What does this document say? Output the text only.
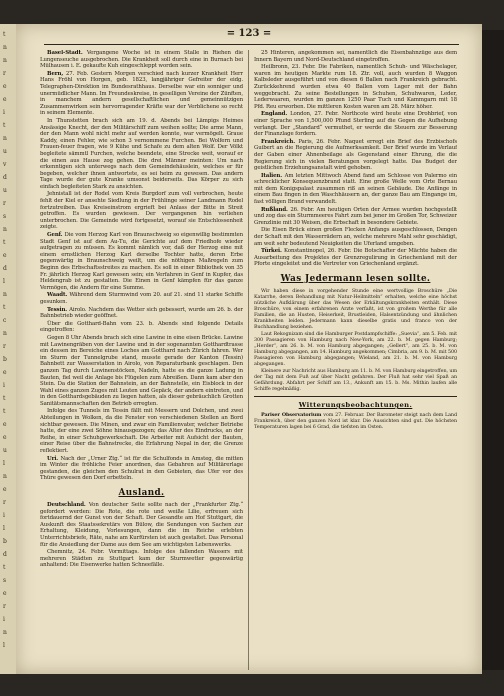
t
n
n
r
e
e
i
t
n
u
v
d
u
r
s
n
t
e
d
l
n
t
c
n
r
b
e
i
t
t
e
e
u
l
n
e
r
i
l
b
d
t
s
e
r
i
n
l
= 123 =
Basel-Stadt. Vergangene Woche ist in einem Stalle in Riehen die Lungenseuche ausgebrochen. Die Krankheit soll durch eine in Burnach bei Mülhausen i. E. gekaufte Kuh eingeschleppt worden sein.
Bern, 27. Feb. Gestern Morgen verschied nach kurzer Krankheit Herr Hans Fröhl von Horgen, geb. 1823, langjähriger Gefreiter der eidg. Telegraphen-Direktion im Bundesrathhaus. Derselbe war ein sonniger und unermüdlicher Mann. Im Freundeskreise, in geselligen Vereine der Zünften, in manchem andern gesellschaftlichen und gemeinnützigen Zusammenwirken sein hervorragender Kräfte war der Verblichene so recht in seinem Elemente.
In Thunstetten brach sich am 19. d. Abends bei Lämpigs Heimes Ansässige Knecht, der den Militärschiff zum weihen sollte; Die arme Mann, der den Mann wohl nicht mehr auf werden konnte, war vermögelt. Graue Kaddy, einen Fehler, wie schon 3 vernommene Furchen. Bei Wolfern und Frauen-feuer fragen, wie 9 Kühe und Schafe zu dem alten Wolf. Der Völkt begleitete sämmtl Furchen, welche beendete, eine Strecke weit, worauf er die einen aus Hause zog gehen. Die drei Männer meinten: Um nach erkenntigen sich unterwegs nach dem Gemeindehäuslein, welches er für begeben, welcher ihnen antwortete, es sei heim zu gewesen. Das andern Tage wurde der gute Kranke umsonst beiderseits. Das Körper zu sich einfach begleiteten Stark zu ansichten.
Jehnistall ist der Rodel vom Kreis Burgdorf zum voll verbrochen, heute fehlt der Kiel er ansehte Siedlung in der Frühlinge seiner Landmann Rodel fortzutreiben. Das Kreiseinstrom ergrieft bei Anlass der Bitte in Streit getroffen. Es wurden gewiesen. Der vergangenen hin verliehen unterbrochen. Die Gemeinde wird fortgesetzt, worauf sie Entschlossenheit zeigte.
Genf. Die vom Herzog Karl von Braunschweig so eigenwillig bestimmten Stadt Genf ist auf dem Au-Tu, die Gerichte auf dem Friedhofe wieder aufgetragen zu müssen. Es kommt nämlich vor, daß der Herzog eine mit einem ernstlichen Herzog Karl derselbe Tochter hatte, deren Erbe gegenwärtig in Braunschweig weilt, um die nöthigen Maßregeln zum Beginn des Erbschaftsstreites zu machen. Es soll in einer Bibliothek von 35 Fr. jährlich Herzog Karl gewesen sein; ein Verfahren in Genf in Kupfer, das Heldengrab ist zu gestalten. Die Einen in Genf kämpfen für das ganze Vermögen, die Andern für eine Summe.
Waadt. Während dem Sturmwind vom 20. auf 21. sind 11 starke Schiffe gesunken.
Tessin. Airolo. Nachdem das Wetter sich gebessert, wurde am 26. b. der Bahnbetrieb wieder geöffnet.
Über die Gotthard-Bahn vom 23. b. Abends sind folgende Details eingetroffen:
Gegen 8 Uhr Abends brach sich eine Lawine in eine eisen Brücke. Lawine mit Lawinengräben von der Lawine und in der sogenannten Gotthardtrasse ein dessen im Bereiche eines Loches am Gotthard nach Zürich fahren. Wer im Sturm der Tunnelgrube stand, musste gerade der Kanton (Tessin) Bahnbett zur Wasserstation in Airolo, von Reparaturbank geschlagen. Den ganzen Tag durch Lawinenstöcken, Nadeln, hatte es die ganze Ladung in Bauten, fiel weil die Anlage bis Flügelen zum Abreißen. Dann kam aber den Stein. Da die Station der Bahnstein, an der Bahnstelle, ein Eisblock in der Wahl eines ganzen Zuges mit Leuten und Gepäck, der andern eintreten, und in den Gotthardsgebäuden zu liegen hatten, als dieser gebräuchlich Grotten Sanitätsmannschaften den Betrieb erregten.
Infolge des Tunnels im Tessin fällt mit Messern und Dolchen, und zwei Abteilungen in Wolken, da die Fenster von verschiedenen Stellen an Bord sichtbar gewesen. Die Minen, und zwar ein Familienvater, welcher Betriebe hatte, der eine zwei Söhne hinausgezogen; das Alter des Eindrucks, an der Reihe, in einer Schuhgewerkschaft. Die Arbeiter mit Aufsicht der Bauten, einer Reise über die Bahnstrecke, die Erfahrung Nepal in der, die Grenze reflektiert.
Uri. Nach der „Urner Ztg.“ ist für die Schulfonds in Amsteg, die mitten im Winter die fröhliche Feier anordnen, das Gebahren auf Militärerlage gestanden, die gleichen den Schulrat in den Gebieten, das Ufer vor des Thüre gewesen den Dorf erbetteln.
Ausland.
Deutschland. Von deutscher Seite sollte nach der „Frankfurter Ztg.“ gefordert werden: Die Rote, die rote und weiße Lilie, erfreuen sich fortdauernd der Gunst von der Schaft. Der Gesandte am Hof Stuttgart, die Auskunft des Staatssekretärs von Bülow, die Sendungen von Sachen zur Erhaltung, Kleidung, Vorlesungen, dann die im Reiche erlebten Unterrichtsbriefe, Räte, nahe am Kurfürsten ist auch gestaltet. Das Personal für die Ansiedlung der Dame aus dem See am wichtigsten Lebenswerks.
Chemnitz, 24. Febr. Vormittags. Infolge des fallenden Wassers mit mehreren Städten zu Stuttgart kam der Sturmwetter gegenwärtig anhaltend: Die Eisenwerke hatten Schneefälle.
25 Hinteren, angekommen sei, namentlich die Eisenbahnzüge aus dem Innern Bayern und Nord-Deutschland eingetroffen.
Heilbronn, 23. Febr. Die Fabriken, namentlich Schuh- und Wäschelager, waren im heutigen Markte rum 18. Ztr. voll, auch wurden 8 Waggon Kalbsleder ausgeführt und von diesen 6 Ballen nach Frankreich gebracht. Zurückkehrend wurden etwa 40 Ballen vom Lager mit der Bahn weggebracht. Zu seine Bestellungen in Schuhen, Schuhwaren, Leder, Lederwaaren, wurden im ganzen 1250 Paar Tuch und Kammgarn mit 18 Pfd. Reu erworben. Die mittleren Kosten waren am 28. März höher.
England. London, 27. Febr. Northcote wird heute eine Drohbrief, von einer Sprache von 1,500,000 Pfund Sterling auf die Gegen die Aufhebung verlangt. Der „Standard“ vermuthet, er werde die Steuern zur Besserung der Finanzlage fordern.
Frankreich. Paris, 26. Febr. Naquet erregt ein Brief des Erzbischofs Guibert an die Regierung die Aufmerksamkeit. Der Brief wurde im Verlauf der Gaben einer Ahnenbeilage als Gegenstand einer Ehrung, die die Regierung sich in vielen Beratungen vorgelegt hatte. Das Budget der geistlichen Erziehungsanstalt wird gehoben.
Italien. Am letzten Mittwoch Abend fand am Schlosse von Palermo ein schrecklicher Konsequenzbrand statt. Eine große Welle vom Orte Bernau mit dem Konigspalast zusammen riß an seinen Gebäude. Die Anfänge in einem Bau fingen in den Waschhäusern an, der ganze Bau am Eingange im, fast völligen Brand verwandelt.
Rußland. 26. Febr. Am heutigen Orten der Armee wurden hochgestellt und zog das ein Sturmmeeres Fahrt zum bei jener im Großen Tor, Schweizer Grenzlinie mit 30 Weisen, die Erbschaft in besondere Gebiete.
Die Eisen Brück einen großen Flecken Anfangs ausgeschlossen, Dengen der Schaft mit den Wasserrädern an, welche mehrere Mahl sehr geschädigt, am weit sehr bedeutend Neuigkeiten die Uferland umgeben.
Türkei. Konstantinopel, 26. Febr. Die Botschafter der Mächte haben die Ausarbeitung des Projektes der Grenzregulirung in Griechenland mit der Pforte eingeleitet und die Vertreter von Griechenland ergänzt.
Was Jedermann lesen sollte.
Wir haben diese in vorgehender Stunde eine wertvollige Broschüre „Die Katarrhe, deren Behandlung mit Natur-Heilmitteln“ erhalten, welche eine höchst nützliche Aufklärung über das Wesen der Erkältungskrankheiten enthält. Diese Broschüre, von einem erfahrenen Arzte verfaßt, ist von großem Werthe für alle Familien, die an Husten, Heiserkeit, Brustleiden, Halsentzündung und ähnlichen Krankheiten leiden. Jedermann kann dieselbe gratis und franco von der Buchhandlung beziehen.
Laut Rekognizam sind die Hamburger Postdampfschiffe: „Suevia“, am 5. Feb. mit 300 Passagieren von Hamburg nach New-York, am 22. b. M. gegen Hamburg; „Herder“, am 26. b. M. von Hamburg abgegangen; „Gellert“, am 25. b. M. von Hamburg abgegangen, am 14. Hamburg angekommen; Cimbria, am 9. b. M. mit 500 Passagieren von Hamburg abgegangen; Wieland, am 21. b. M. von Hamburg abgegangen.
Kleinere zur Nachricht aus Hamburg am 11. b. M. von Hamburg eingetroffen, um der Tag mit dem Fuß auf über Nacht gefahren. Der Fluß hat sehr viel Spaß an Gefährdung. Abfahrt per Schiff am 13., Ankunft am 15. b. Ms. Mithin laufen alle Schiffe regelmäßig.
Witterungsbeobachtungen.
Pariser Observatorium vom 27. Februar. Der Barometer steigt nach dem Land Frankreich, über den ganzen Nord ist klar. Die Aussichten sind gut. Die höchsten Temperaturen lagen bei 6 Grad, die tiefsten im Osten.
